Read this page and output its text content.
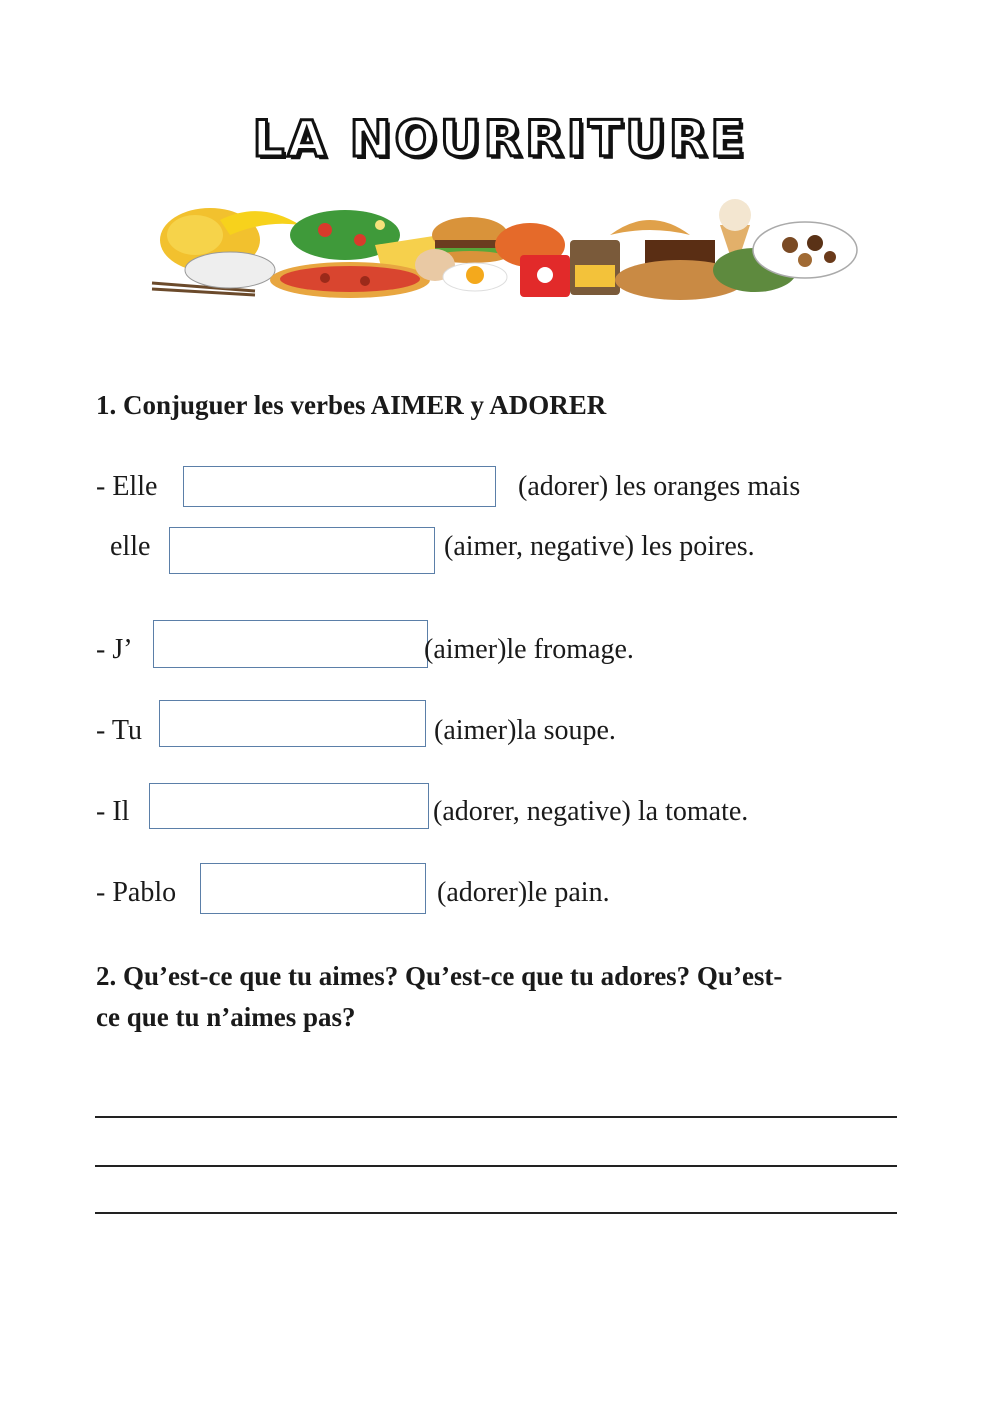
LA NOURRITURE
1. Conjuguer les verbes AIMER y ADORER
- Elle	(adorer) les oranges mais
elle	(aimer, negative) les poires.
- J’	(aimer)le fromage.
- Tu	(aimer)la soupe.
- Il	(adorer, negative) la tomate.
- Pablo	(adorer)le pain.
2. Qu’est-ce que tu aimes? Qu’est-ce que tu adores? Qu’est-
ce que tu n’aimes pas?
